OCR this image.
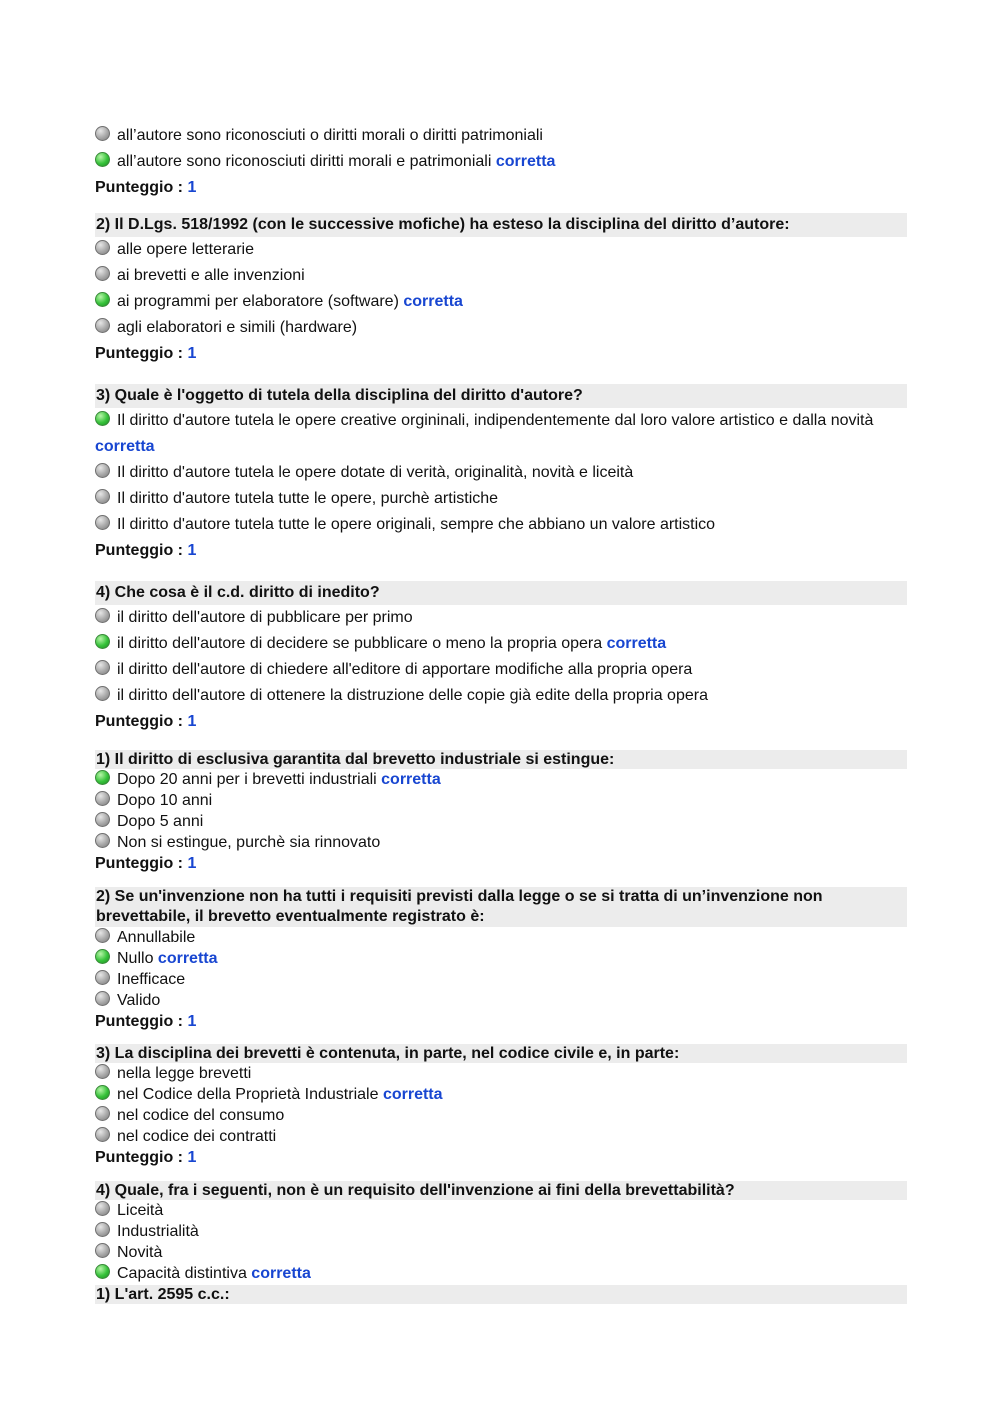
all’autore sono riconosciuti o diritti morali o diritti patrimoniali

all’autore sono riconosciuti diritti morali e patrimoniali corretta

Punteggio : 1

2) Il D.Lgs. 518/1992 (con le successive mofiche) ha esteso la disciplina del diritto d’autore:

alle opere letterarie

ai brevetti e alle invenzioni

ai programmi per elaboratore (software) corretta

agli elaboratori e simili (hardware)

Punteggio : 1

3) Quale è l'oggetto di tutela della disciplina del diritto d'autore?

Il diritto d'autore tutela le opere creative orgininali, indipendentemente dal loro valore artistico e dalla novità corretta

Il diritto d'autore tutela le opere dotate di verità, originalità, novità e liceità

Il diritto d'autore tutela tutte le opere, purchè artistiche

Il diritto d'autore tutela tutte le opere originali, sempre che abbiano un valore artistico

Punteggio : 1

4) Che cosa è il c.d. diritto di inedito?

il diritto dell'autore di pubblicare per primo

il diritto dell'autore di decidere se pubblicare o meno la propria opera corretta

il diritto dell'autore di chiedere all'editore di apportare modifiche alla propria opera

il diritto dell'autore di ottenere la distruzione delle copie già edite della propria opera

Punteggio : 1

1) Il diritto di esclusiva garantita dal brevetto industriale si estingue:

Dopo 20 anni per i brevetti industriali corretta

Dopo 10 anni

Dopo 5 anni

Non si estingue, purchè sia rinnovato

Punteggio : 1

2) Se un'invenzione non ha tutti i requisiti previsti dalla legge o se si tratta di un’invenzione non brevettabile, il brevetto eventualmente registrato è:

Annullabile

Nullo corretta

Inefficace

Valido

Punteggio : 1

3) La disciplina dei brevetti è contenuta, in parte, nel codice civile e, in parte:

nella legge brevetti

nel Codice della Proprietà Industriale corretta

nel codice del consumo

nel codice dei contratti

Punteggio : 1

4) Quale, fra i seguenti, non è un requisito dell'invenzione ai fini della brevettabilità?

Liceità

Industrialità

Novità

Capacità distintiva corretta

1) L'art. 2595 c.c.:
